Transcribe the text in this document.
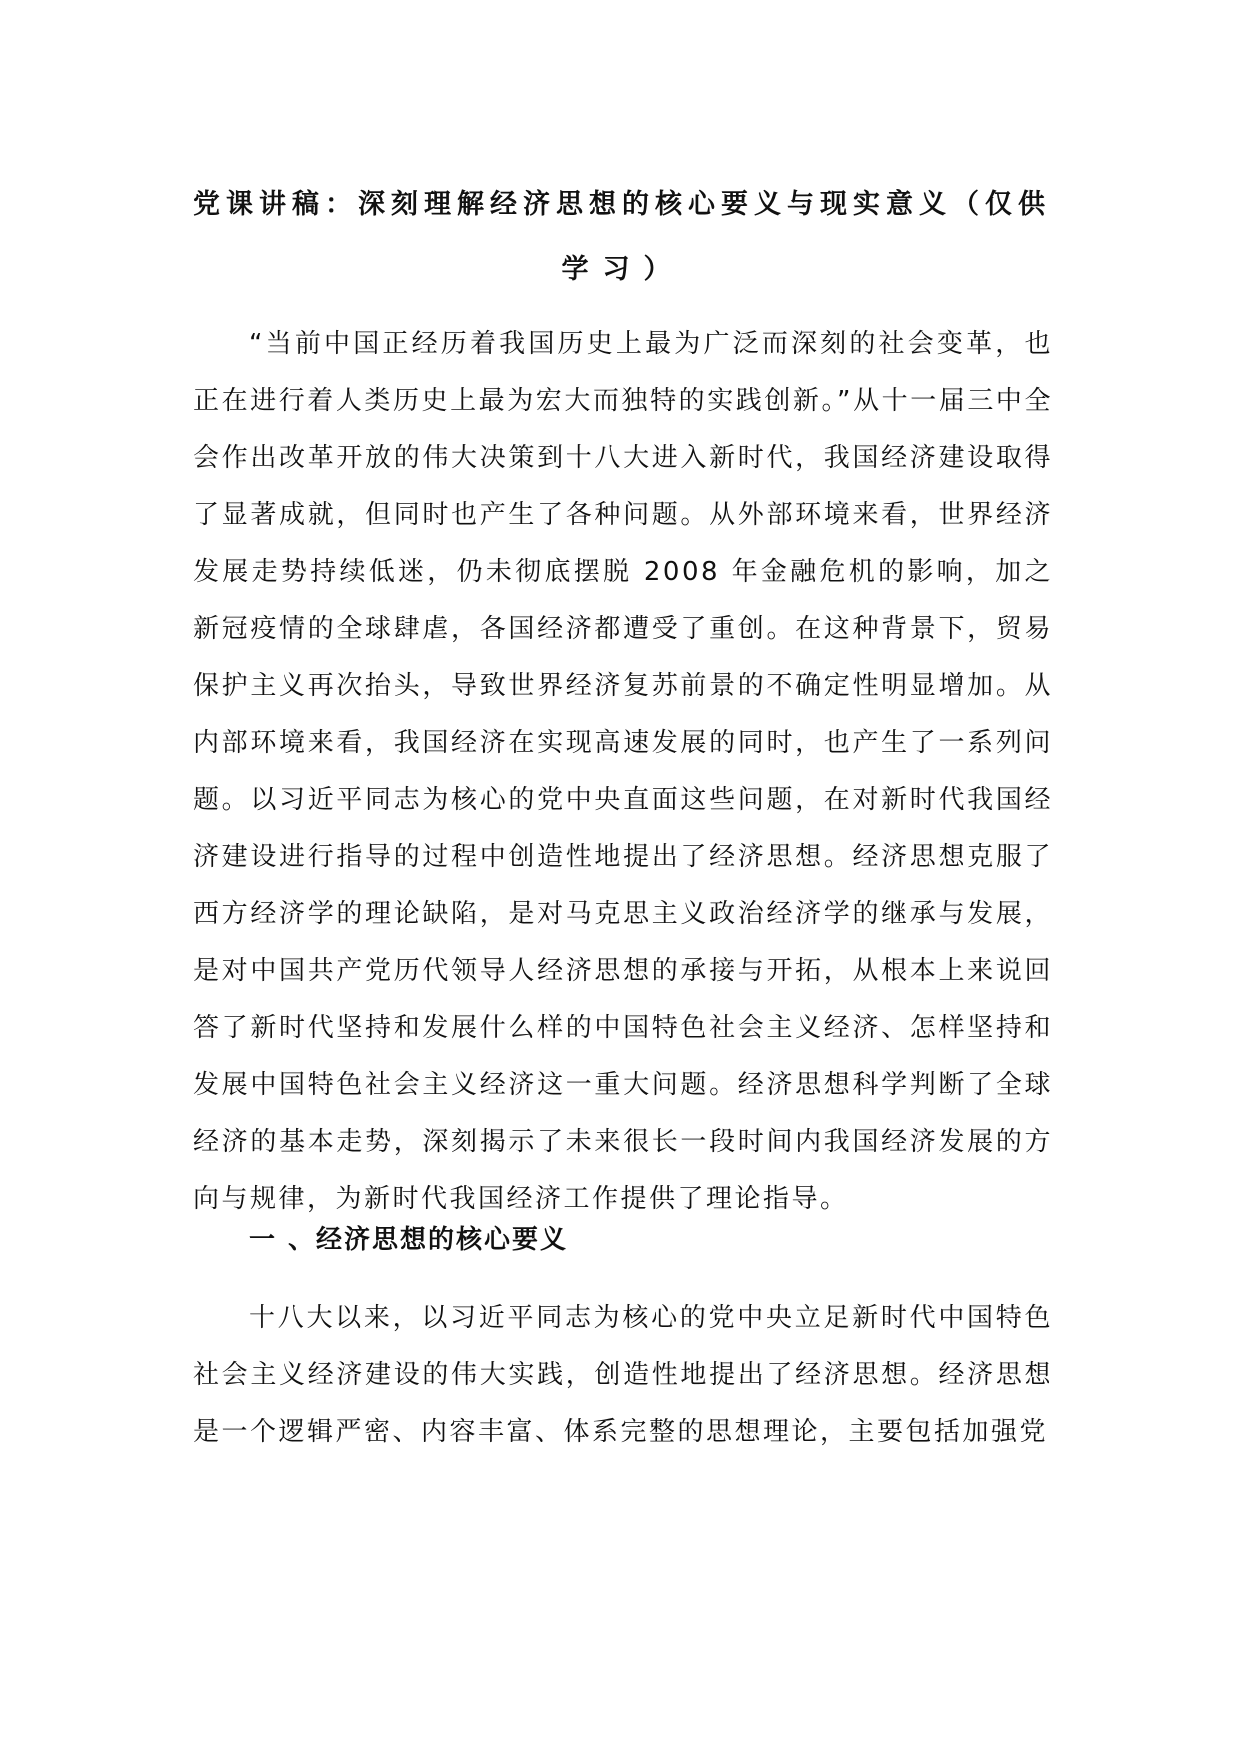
党课讲稿：深刻理解经济思想的核心要义与现实意义（仅供
学习）

“当前中国正经历着我国历史上最为广泛而深刻的社会变革，也正在进行着人类历史上最为宏大而独特的实践创新。”从十一届三中全会作出改革开放的伟大决策到十八大进入新时代，我国经济建设取得了显著成就，但同时也产生了各种问题。从外部环境来看，世界经济发展走势持续低迷，仍未彻底摆脱 2008 年金融危机的影响，加之新冠疫情的全球肆虐，各国经济都遭受了重创。在这种背景下，贸易保护主义再次抬头，导致世界经济复苏前景的不确定性明显增加。从内部环境来看，我国经济在实现高速发展的同时，也产生了一系列问题。以习近平同志为核心的党中央直面这些问题，在对新时代我国经济建设进行指导的过程中创造性地提出了经济思想。经济思想克服了西方经济学的理论缺陷，是对马克思主义政治经济学的继承与发展，是对中国共产党历代领导人经济思想的承接与开拓，从根本上来说回答了新时代坚持和发展什么样的中国特色社会主义经济、怎样坚持和发展中国特色社会主义经济这一重大问题。经济思想科学判断了全球经济的基本走势，深刻揭示了未来很长一段时间内我国经济发展的方向与规律，为新时代我国经济工作提供了理论指导。

一 、经济思想的核心要义

十八大以来，以习近平同志为核心的党中央立足新时代中国特色社会主义经济建设的伟大实践，创造性地提出了经济思想。经济思想是一个逻辑严密、内容丰富、体系完整的思想理论，主要包括加强党
